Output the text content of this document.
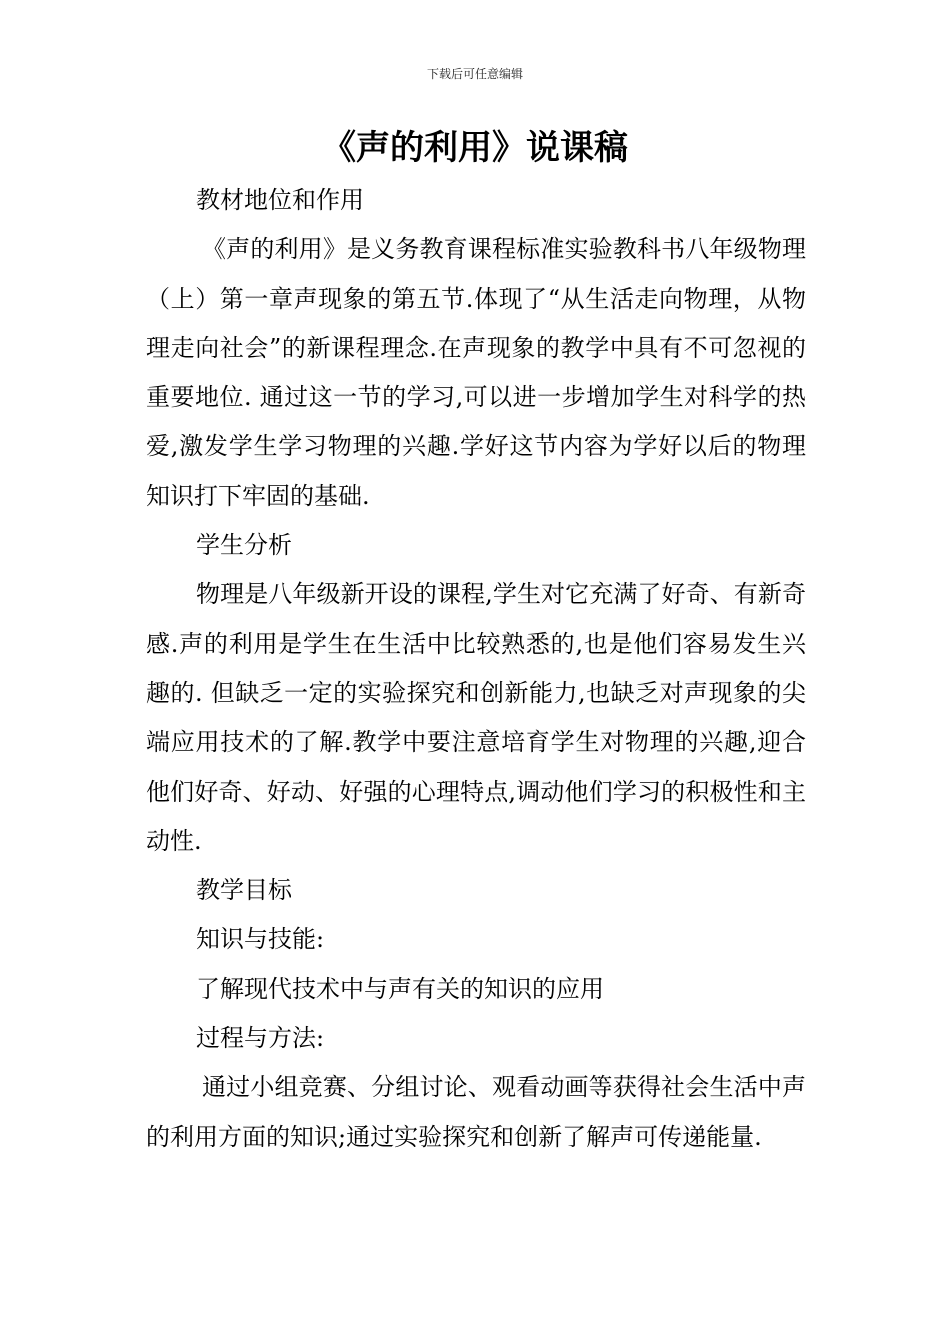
下载后可任意编辑
《声的利用》说课稿

教材地位和作用

《声的利用》是义务教育课程标准实验教科书八年级物理（上）第一章声现象的第五节.体现了“从生活走向物理，从物理走向社会”的新课程理念.在声现象的教学中具有不可忽视的重要地位. 通过这一节的学习,可以进一步增加学生对科学的热爱,激发学生学习物理的兴趣.学好这节内容为学好以后的物理知识打下牢固的基础.

学生分析

物理是八年级新开设的课程,学生对它充满了好奇、有新奇感.声的利用是学生在生活中比较熟悉的,也是他们容易发生兴趣的. 但缺乏一定的实验探究和创新能力,也缺乏对声现象的尖端应用技术的了解.教学中要注意培育学生对物理的兴趣,迎合他们好奇、好动、好强的心理特点,调动他们学习的积极性和主动性.

教学目标

知识与技能:

了解现代技术中与声有关的知识的应用

过程与方法:

通过小组竞赛、分组讨论、观看动画等获得社会生活中声的利用方面的知识;通过实验探究和创新了解声可传递能量.
